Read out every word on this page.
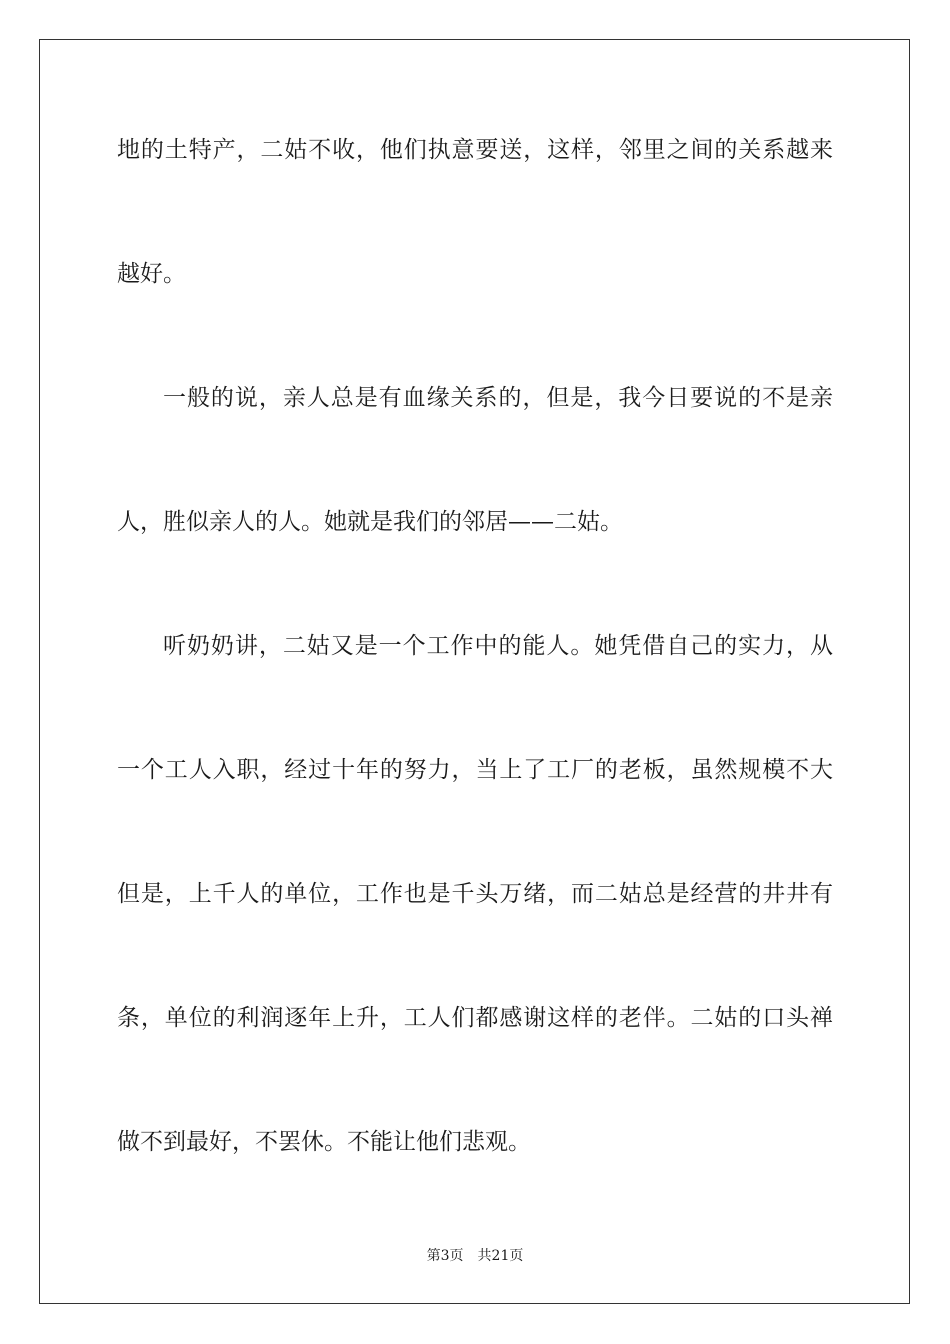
地的土特产，二姑不收，他们执意要送，这样，邻里之间的关系越来
越好。
一般的说，亲人总是有血缘关系的，但是，我今日要说的不是亲
人，胜似亲人的人。她就是我们的邻居——二姑。
听奶奶讲，二姑又是一个工作中的能人。她凭借自己的实力，从
一个工人入职，经过十年的努力，当上了工厂的老板，虽然规模不大
但是，上千人的单位，工作也是千头万绪，而二姑总是经营的井井有
条，单位的利润逐年上升，工人们都感谢这样的老伴。二姑的口头禅
做不到最好，不罢休。不能让他们悲观。
第3页 共21页
